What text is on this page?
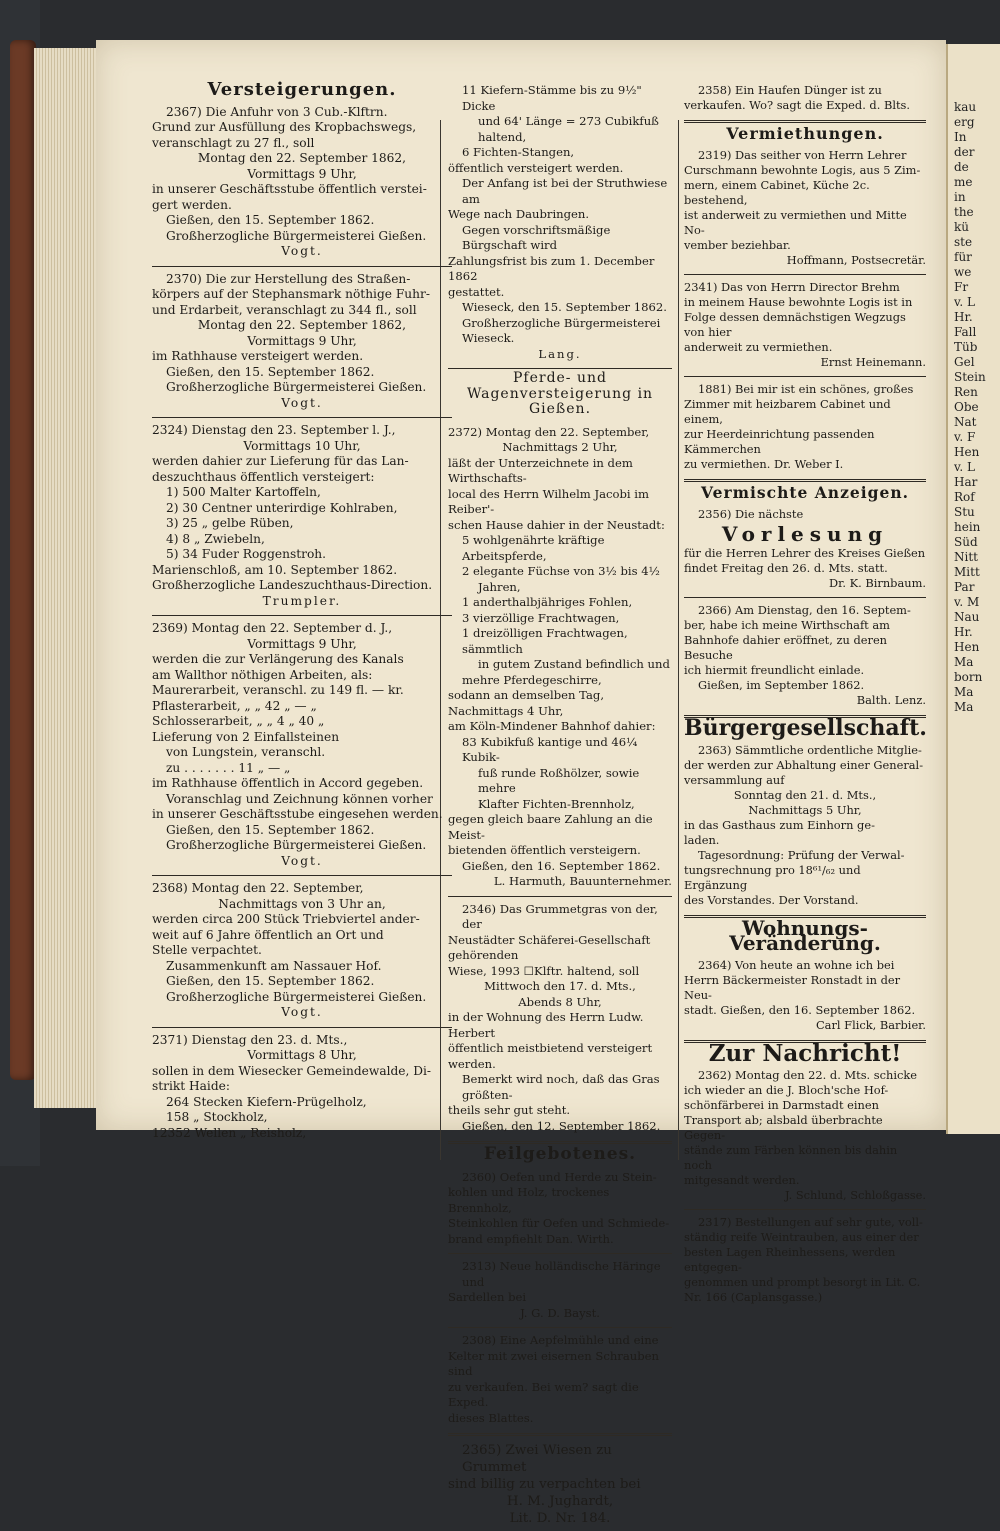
Versteigerungen.
2367) Die Anfuhr von 3 Cub.-Klftrn.
Grund zur Ausfüllung des Kropbachswegs,
veranschlagt zu 27 fl., soll
Montag den 22. September 1862,
Vormittags 9 Uhr,
in unserer Geschäftsstube öffentlich verstei-
gert werden.
Gießen, den 15. September 1862.
Großherzogliche Bürgermeisterei Gießen.
Vogt.
2370) Die zur Herstellung des Straßen-
körpers auf der Stephansmark nöthige Fuhr-
und Erdarbeit, veranschlagt zu 344 fl., soll
Montag den 22. September 1862,
Vormittags 9 Uhr,
im Rathhause versteigert werden.
Gießen, den 15. September 1862.
Großherzogliche Bürgermeisterei Gießen.
Vogt.
2324) Dienstag den 23. September l. J.,
Vormittags 10 Uhr,
werden dahier zur Lieferung für das Lan-
deszuchthaus öffentlich versteigert:
1) 500 Malter Kartoffeln,
2) 30 Centner unterirdige Kohlraben,
3) 25 „ gelbe Rüben,
4) 8 „ Zwiebeln,
5) 34 Fuder Roggenstroh.
Marienschloß, am 10. September 1862.
Großherzogliche Landeszuchthaus-Direction.
Trumpler.
2369) Montag den 22. September d. J.,
Vormittags 9 Uhr,
werden die zur Verlängerung des Kanals
am Wallthor nöthigen Arbeiten, als:
Maurerarbeit, veranschl. zu 149 fl. — kr.
Pflasterarbeit, „ „ 42 „ — „
Schlosserarbeit, „ „ 4 „ 40 „
Lieferung von 2 Einfallsteinen
von Lungstein, veranschl.
zu . . . . . . . 11 „ — „
im Rathhause öffentlich in Accord gegeben.
Voranschlag und Zeichnung können vorher
in unserer Geschäftsstube eingesehen werden.
Gießen, den 15. September 1862.
Großherzogliche Bürgermeisterei Gießen.
Vogt.
2368) Montag den 22. September,
Nachmittags von 3 Uhr an,
werden circa 200 Stück Triebviertel ander-
weit auf 6 Jahre öffentlich an Ort und
Stelle verpachtet.
Zusammenkunft am Nassauer Hof.
Gießen, den 15. September 1862.
Großherzogliche Bürgermeisterei Gießen.
Vogt.
2371) Dienstag den 23. d. Mts.,
Vormittags 8 Uhr,
sollen in dem Wiesecker Gemeindewalde, Di-
strikt Haide:
264 Stecken Kiefern-Prügelholz,
158 „ Stockholz,
12352 Wellen „ Reisholz,
11 Kiefern-Stämme bis zu 9½" Dicke
und 64' Länge = 273 Cubikfuß
haltend,
6 Fichten-Stangen,
öffentlich versteigert werden.
Der Anfang ist bei der Struthwiese am
Wege nach Daubringen.
Gegen vorschriftsmäßige Bürgschaft wird
Zahlungsfrist bis zum 1. December 1862
gestattet.
Wieseck, den 15. September 1862.
Großherzogliche Bürgermeisterei Wieseck.
Lang.
Pferde- und Wagenversteigerung in Gießen.
2372) Montag den 22. September,
Nachmittags 2 Uhr,
läßt der Unterzeichnete in dem Wirthschafts-
local des Herrn Wilhelm Jacobi im Reiber'-
schen Hause dahier in der Neustadt:
5 wohlgenährte kräftige Arbeitspferde,
2 elegante Füchse von 3½ bis 4½
Jahren,
1 anderthalbjähriges Fohlen,
3 vierzöllige Frachtwagen,
1 dreizölligen Frachtwagen, sämmtlich
in gutem Zustand befindlich und
mehre Pferdegeschirre,
sodann an demselben Tag, Nachmittags 4 Uhr,
am Köln-Mindener Bahnhof dahier:
83 Kubikfuß kantige und 46¼ Kubik-
fuß runde Roßhölzer, sowie mehre
Klafter Fichten-Brennholz,
gegen gleich baare Zahlung an die Meist-
bietenden öffentlich versteigern.
Gießen, den 16. September 1862.
L. Harmuth, Bauunternehmer.
2346) Das Grummetgras von der, der
Neustädter Schäferei-Gesellschaft gehörenden
Wiese, 1993 ☐Klftr. haltend, soll
Mittwoch den 17. d. Mts.,
Abends 8 Uhr,
in der Wohnung des Herrn Ludw. Herbert
öffentlich meistbietend versteigert werden.
Bemerkt wird noch, daß das Gras größten-
theils sehr gut steht.
Gießen, den 12. September 1862.
Feilgebotenes.
2360) Oefen und Herde zu Stein-
kohlen und Holz, trockenes Brennholz,
Steinkohlen für Oefen und Schmiede-
brand empfiehlt Dan. Wirth.
2313) Neue holländische Häringe und
Sardellen bei
J. G. D. Bayst.
2308) Eine Aepfelmühle und eine
Kelter mit zwei eisernen Schrauben sind
zu verkaufen. Bei wem? sagt die Exped.
dieses Blattes.
2365) Zwei Wiesen zu Grummet
sind billig zu verpachten bei
H. M. Jughardt,
Lit. D. Nr. 184.
2358) Ein Haufen Dünger ist zu
verkaufen. Wo? sagt die Exped. d. Blts.
Vermiethungen.
2319) Das seither von Herrn Lehrer
Curschmann bewohnte Logis, aus 5 Zim-
mern, einem Cabinet, Küche 2c. bestehend,
ist anderweit zu vermiethen und Mitte No-
vember beziehbar.
Hoffmann, Postsecretär.
2341) Das von Herrn Director Brehm
in meinem Hause bewohnte Logis ist in
Folge dessen demnächstigen Wegzugs von hier
anderweit zu vermiethen.
Ernst Heinemann.
1881) Bei mir ist ein schönes, großes
Zimmer mit heizbarem Cabinet und einem,
zur Heerdeinrichtung passenden Kämmerchen
zu vermiethen. Dr. Weber I.
Vermischte Anzeigen.
2356) Die nächste
Vorlesung
für die Herren Lehrer des Kreises Gießen
findet Freitag den 26. d. Mts. statt.
Dr. K. Birnbaum.
2366) Am Dienstag, den 16. Septem-
ber, habe ich meine Wirthschaft am
Bahnhofe dahier eröffnet, zu deren Besuche
ich hiermit freundlicht einlade.
Gießen, im September 1862.
Balth. Lenz.
Bürgergesellschaft.
2363) Sämmtliche ordentliche Mitglie-
der werden zur Abhaltung einer General-
versammlung auf
Sonntag den 21. d. Mts.,
Nachmittags 5 Uhr,
in das Gasthaus zum Einhorn ge-
laden.
Tagesordnung: Prüfung der Verwal-
tungsrechnung pro 18⁶¹/₆₂ und Ergänzung
des Vorstandes. Der Vorstand.
Wohnungs-Veränderung.
2364) Von heute an wohne ich bei
Herrn Bäckermeister Ronstadt in der Neu-
stadt. Gießen, den 16. September 1862.
Carl Flick, Barbier.
Zur Nachricht!
2362) Montag den 22. d. Mts. schicke
ich wieder an die J. Bloch'sche Hof-
schönfärberei in Darmstadt einen
Transport ab; alsbald überbrachte Gegen-
stände zum Färben können bis dahin noch
mitgesandt werden.
J. Schlund, Schloßgasse.
2317) Bestellungen auf sehr gute, voll-
ständig reife Weintrauben, aus einer der
besten Lagen Rheinhessens, werden entgegen-
genommen und prompt besorgt in Lit. C.
Nr. 166 (Caplansgasse.)
kau
erg
In
der
de
me
in
the
kü
ste
für
we
Fr
v. L
Hr.
Fall
Tüb
Gel
Stein
Ren
Obe
Nat
v. F
Hen
v. L
Har
Rof
Stu
hein
Süd
Nitt
Mitt
Par
v. M
Nau
Hr.
Hen
Ma
born
Ma
Ma
